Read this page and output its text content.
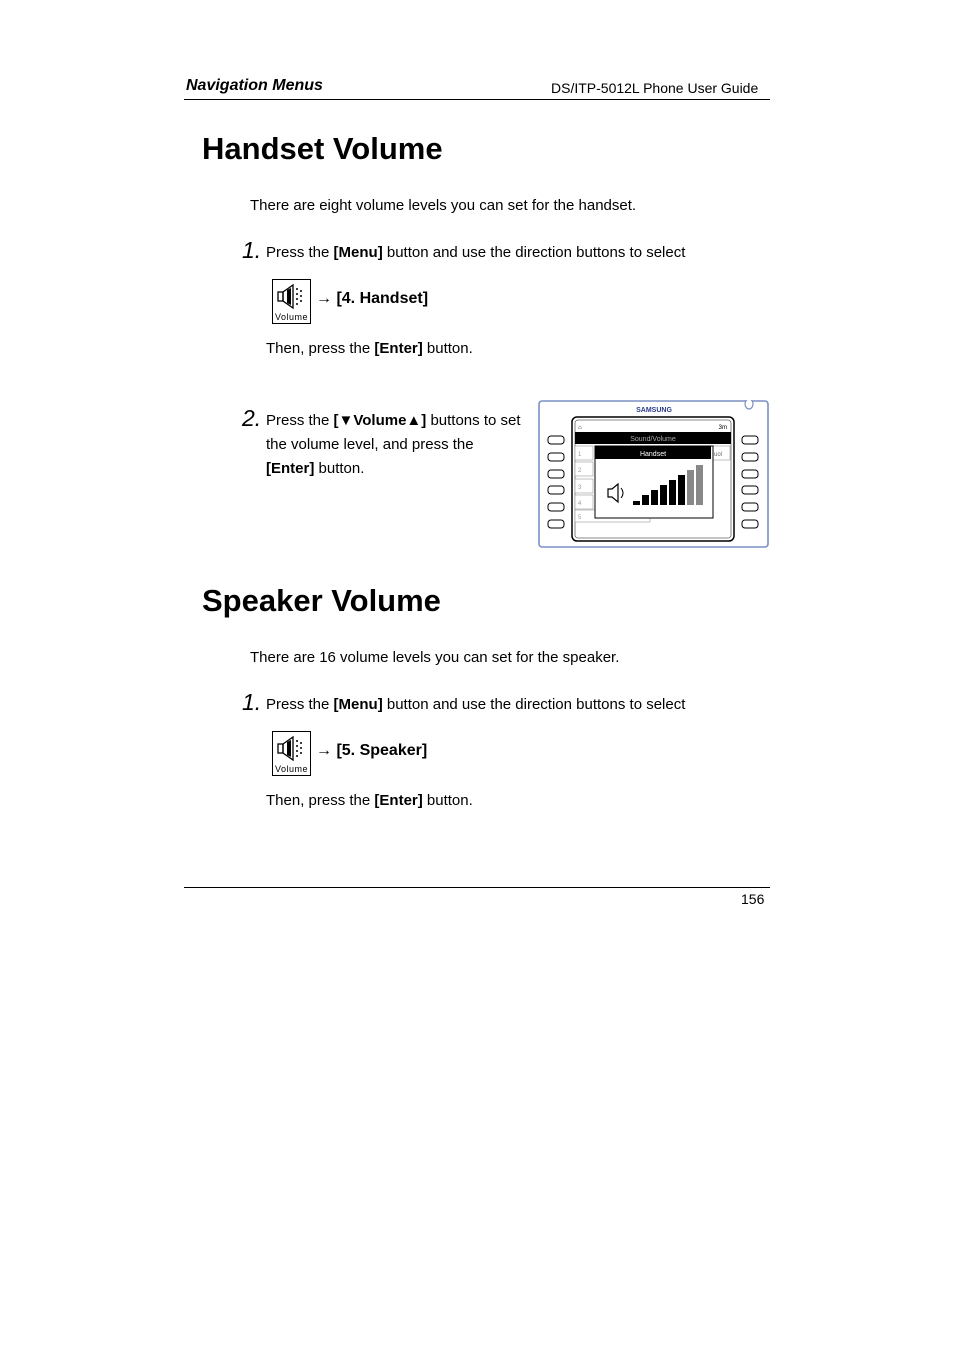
Navigation Menus	DS/ITP-5012L Phone User Guide
Handset Volume
There are eight volume levels you can set for the handset.
1. Press the [Menu] button and use the direction buttons to select
Volume
→ [4. Handset]
Then, press the [Enter] button.
2. Press the [▼Volume▲] buttons to set
the volume level, and press the
[Enter] button.
SAMSUNG
⌂	3m
Sound/Volume
1
2
3
4
5
uol
Handset
Speaker Volume
There are 16 volume levels you can set for the speaker.
1. Press the [Menu] button and use the direction buttons to select
Volume
→ [5. Speaker]
Then, press the [Enter] button.
156
